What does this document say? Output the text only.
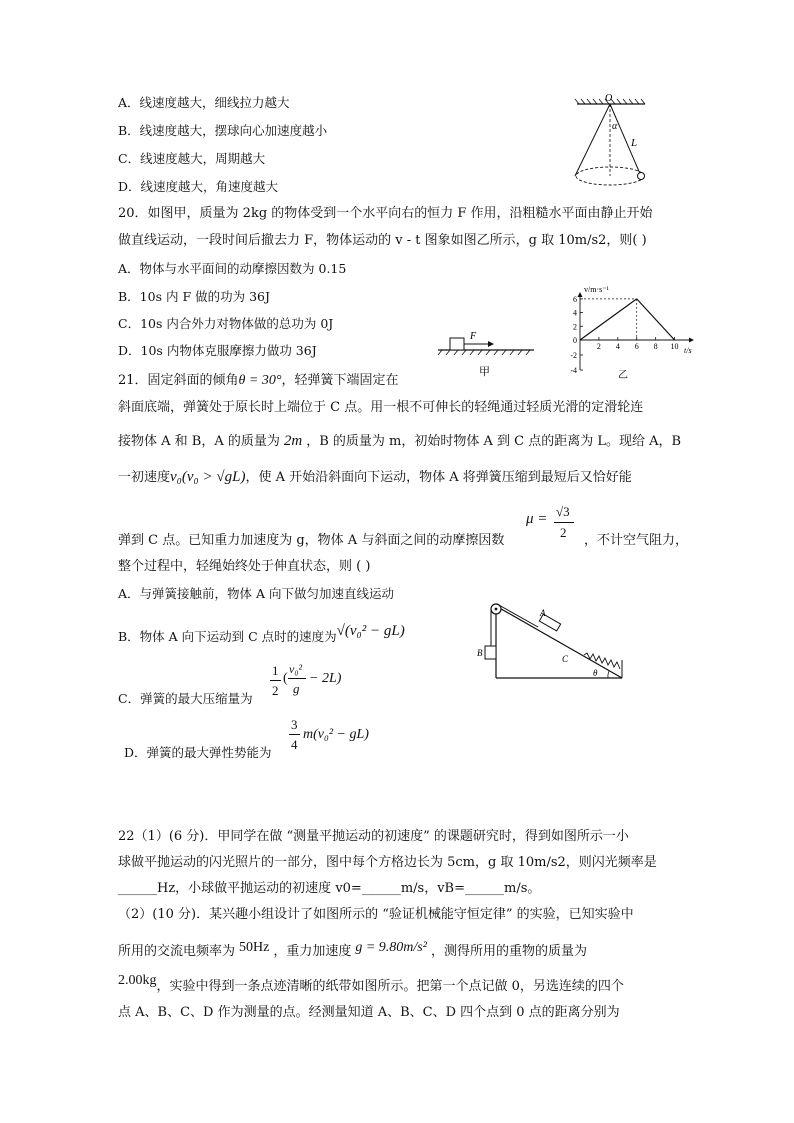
A．线速度越大，细线拉力越大
B．线速度越大，摆球向心加速度越小
C．线速度越大，周期越大
D．线速度越大，角速度越大
O
α
L
20．如图甲，质量为 2kg 的物体受到一个水平向右的恒力 F 作用，沿粗糙水平面由静止开始
做直线运动，一段时间后撤去力 F，物体运动的 v - t 图象如图乙所示，g 取 10m/s2，则( )
A．物体与水平面间的动摩擦因数为 0.15
B．10s 内 F 做的功为 36J
C．10s 内合外力对物体做的总功为 0J
D．10s 内物体克服摩擦力做功 36J
F
甲
v/m·s⁻¹
t/s
乙
-4
-2
0
2
4
6
2 4 6 8 10
21．固定斜面的倾角θ = 30°，轻弹簧下端固定在
斜面底端，弹簧处于原长时上端位于 C 点。用一根不可伸长的轻绳通过轻质光滑的定滑轮连
接物体 A 和 B，A 的质量为 2m ，B 的质量为 m，初始时物体 A 到 C 点的距离为 L。现给 A，B
一初速度v₀(v₀ > √gL)，使 A 开始沿斜面向下运动，物体 A 将弹簧压缩到最短后又恰好能
弹到 C 点。已知重力加速度为 g，物体 A 与斜面之间的动摩擦因数
μ = √3
2
，不计空气阻力，
整个过程中，轻绳始终处于伸直状态，则 ( )
A．与弹簧接触前，物体 A 向下做匀加速直线运动
B．物体 A 向下运动到 C 点时的速度为√(v₀² − gL)
C．弹簧的最大压缩量为
1
2
(
v₀²
g
− 2L)
D．弹簧的最大弹性势能为
3
4
m(v₀² − gL)
B
A
C
θ
22（1）(6 分)．甲同学在做 “测量平抛运动的初速度” 的课题研究时，得到如图所示一小
球做平抛运动的闪光照片的一部分，图中每个方格边长为 5cm，g 取 10m/s2，则闪光频率是
______Hz，小球做平抛运动的初速度 v0=______m/s，vB=______m/s。
（2）(10 分)．某兴趣小组设计了如图所示的 “验证机械能守恒定律” 的实验，已知实验中
所用的交流电频率为 50Hz ，重力加速度 g = 9.80m/s² ，测得所用的重物的质量为
2.00kg，实验中得到一条点迹清晰的纸带如图所示。把第一个点记做 0，另选连续的四个
点 A、B、C、D 作为测量的点。经测量知道 A、B、C、D 四个点到 0 点的距离分别为
